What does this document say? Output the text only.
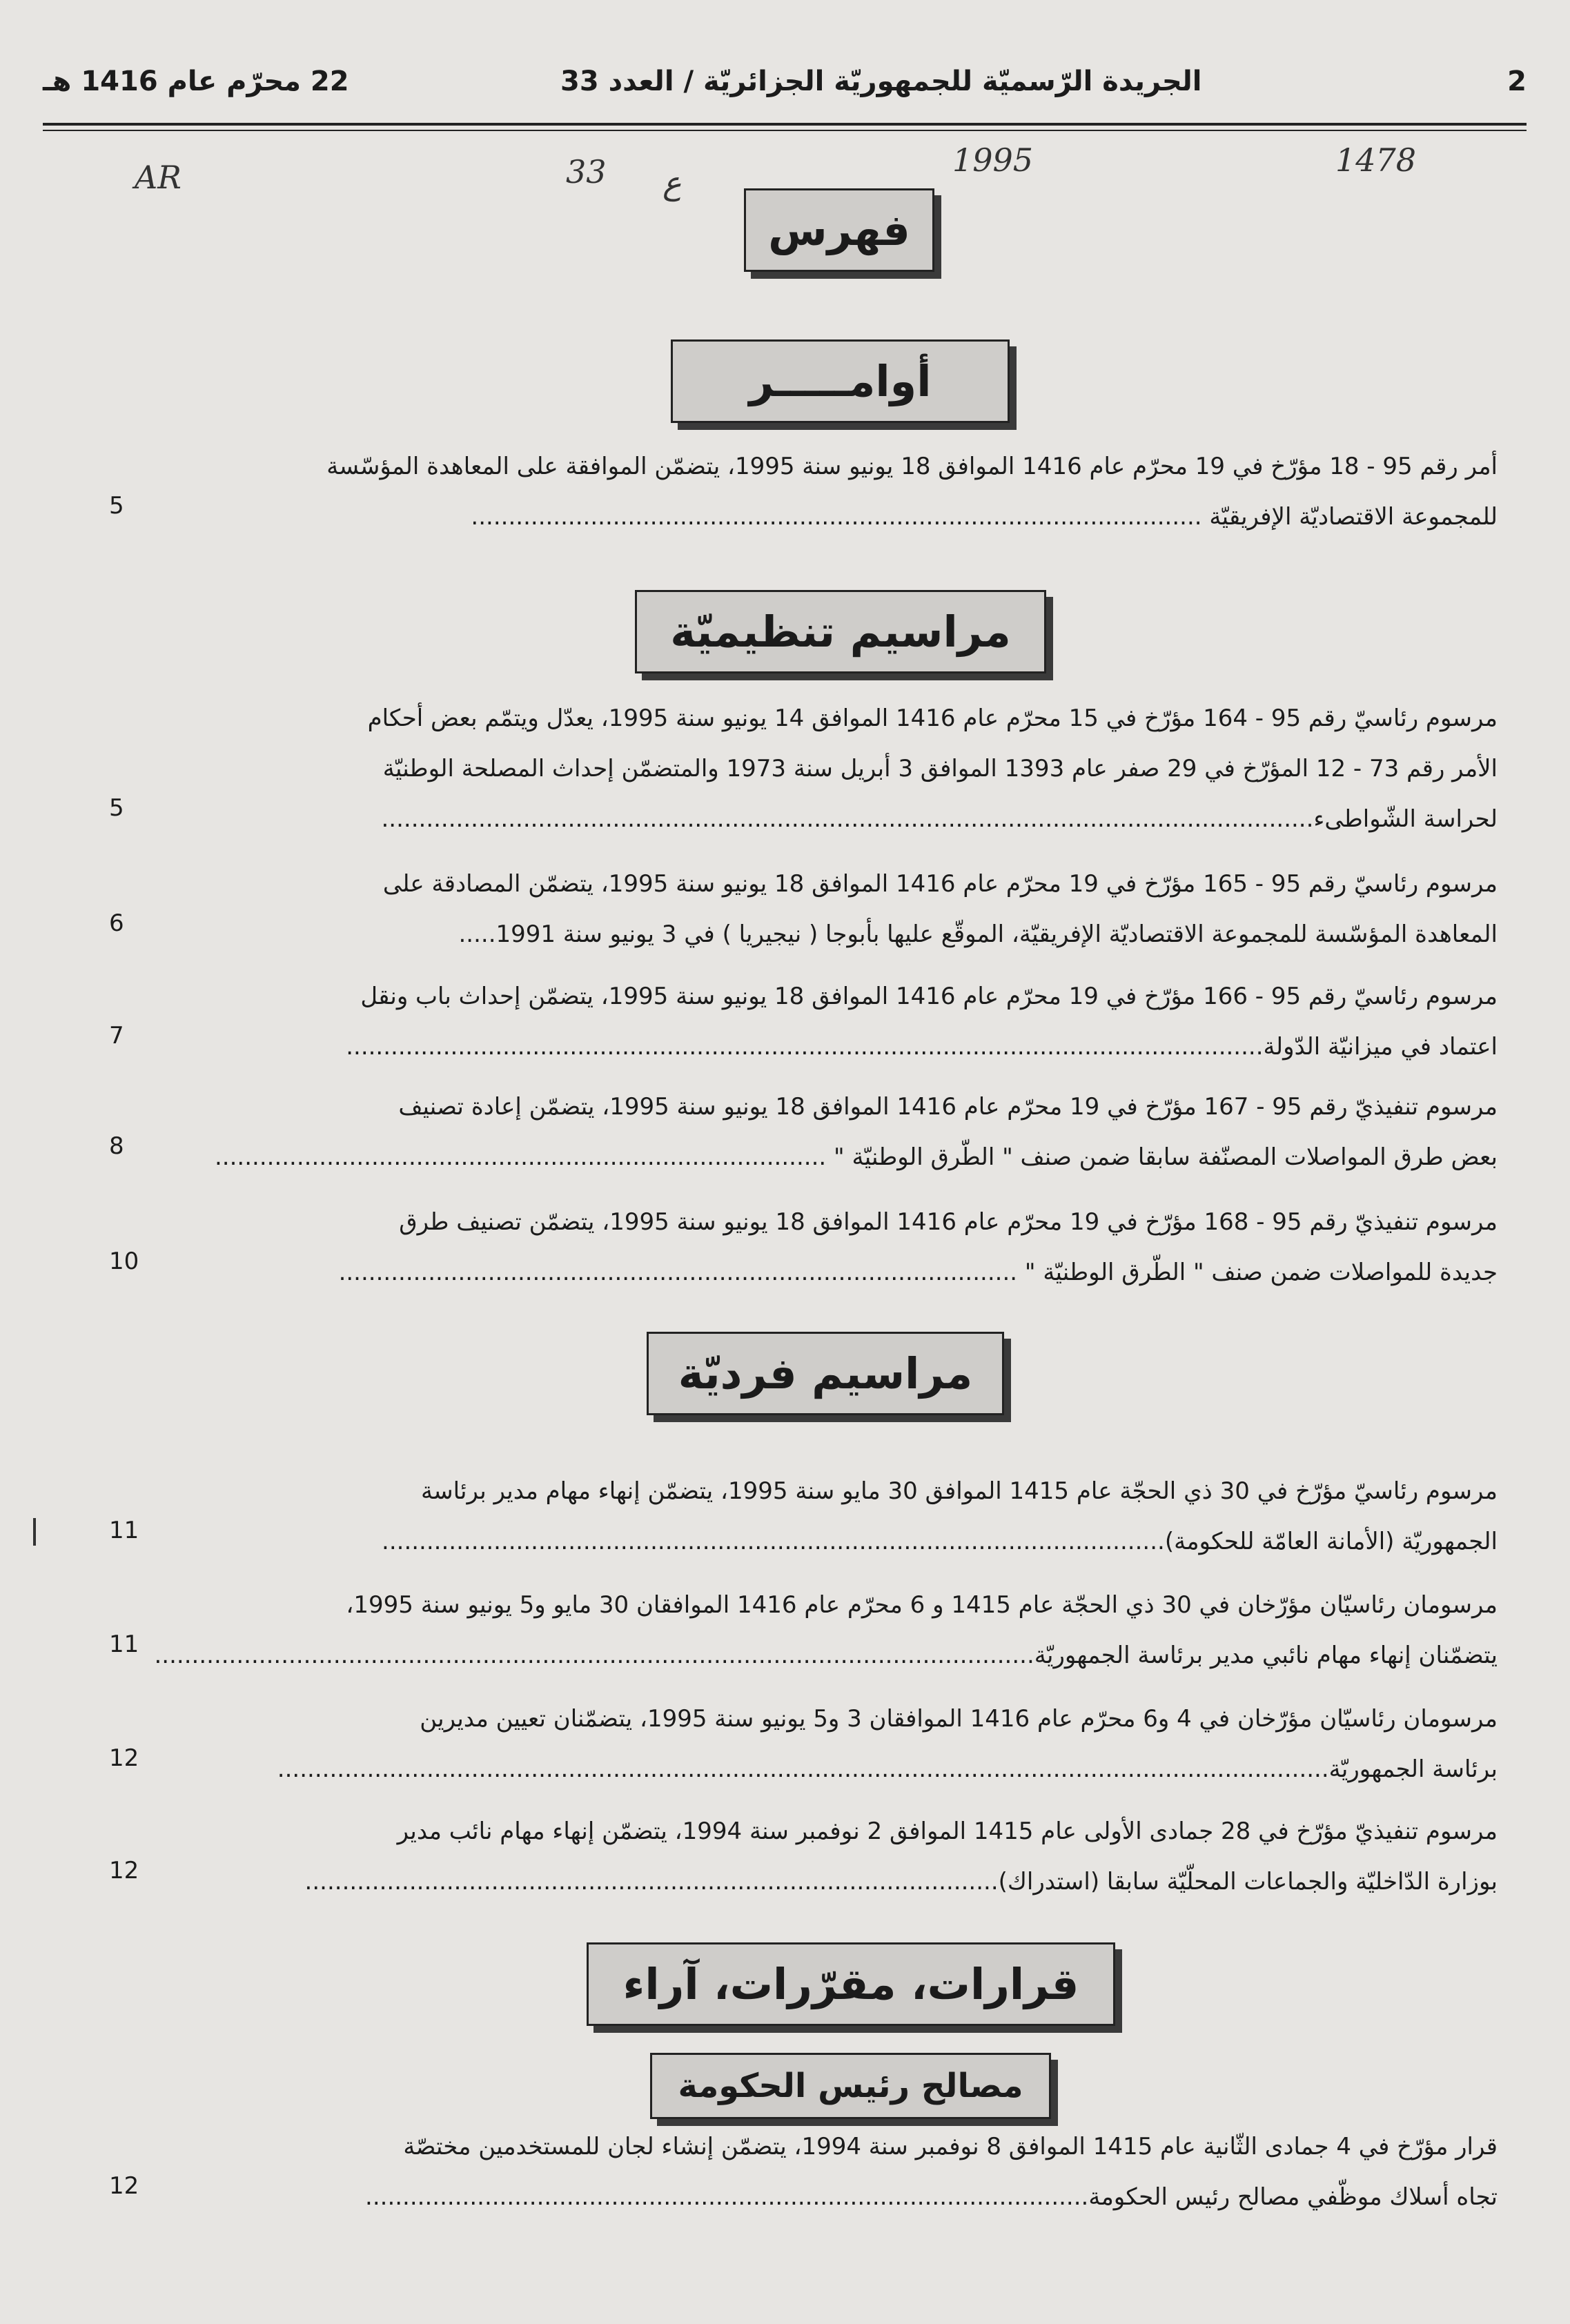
22 محرّم عام 1416 هـ	الجريدة الرّسميّة للجمهوريّة الجزائريّة / العدد 33	2
AR	33 ع
1995	1478
فهرس
أوامـــــر
أمر رقم 95 - 18 مؤرّخ في 19 محرّم عام 1416 الموافق 18 يونيو سنة 1995، يتضمّن الموافقة على المعاهدة المؤسّسة
للمجموعة الاقتصاديّة الإفريقيّة ..................................................................................................
5
مراسيم تنظيميّة
مرسوم رئاسيّ رقم 95 - 164 مؤرّخ في 15 محرّم عام 1416 الموافق 14 يونيو سنة 1995، يعدّل ويتمّم بعض أحكام
الأمر رقم 73 - 12 المؤرّخ في 29 صفر عام 1393 الموافق 3 أبريل سنة 1973 والمتضمّن إحداث المصلحة الوطنيّة
لحراسة الشّواطىء.............................................................................................................................
5
مرسوم رئاسيّ رقم 95 - 165 مؤرّخ في 19 محرّم عام 1416 الموافق 18 يونيو سنة 1995، يتضمّن المصادقة على
المعاهدة المؤسّسة للمجموعة الاقتصاديّة الإفريقيّة، الموقّع عليها بأبوجا ( نيجيريا ) في 3 يونيو سنة 1991.....
6
مرسوم رئاسيّ رقم 95 - 166 مؤرّخ في 19 محرّم عام 1416 الموافق 18 يونيو سنة 1995، يتضمّن إحداث باب ونقل
اعتماد في ميزانيّة الدّولة...........................................................................................................................
7
مرسوم تنفيذيّ رقم 95 - 167 مؤرّخ في 19 محرّم عام 1416 الموافق 18 يونيو سنة 1995، يتضمّن إعادة تصنيف
بعض طرق المواصلات المصنّفة سابقا ضمن صنف " الطّرق الوطنيّة " ..................................................................................
8
مرسوم تنفيذيّ رقم 95 - 168 مؤرّخ في 19 محرّم عام 1416 الموافق 18 يونيو سنة 1995، يتضمّن تصنيف طرق
جديدة للمواصلات ضمن صنف " الطّرق الوطنيّة " ...........................................................................................
10
مراسيم فرديّة
مرسوم رئاسيّ مؤرّخ في 30 ذي الحجّة عام 1415 الموافق 30 مايو سنة 1995، يتضمّن إنهاء مهام مدير برئاسة
الجمهوريّة (الأمانة العامّة للحكومة).........................................................................................................
11
مرسومان رئاسيّان مؤرّخان في 30 ذي الحجّة عام 1415 و 6 محرّم عام 1416 الموافقان 30 مايو و5 يونيو سنة 1995،
يتضمّنان إنهاء مهام نائبي مدير برئاسة الجمهوريّة......................................................................................................................
11
مرسومان رئاسيّان مؤرّخان في 4 و6 محرّم عام 1416 الموافقان 3 و5 يونيو سنة 1995، يتضمّنان تعيين مديرين
برئاسة الجمهوريّة.............................................................................................................................................
12
مرسوم تنفيذيّ مؤرّخ في 28 جمادى الأولى عام 1415 الموافق 2 نوفمبر سنة 1994، يتضمّن إنهاء مهام نائب مدير
بوزارة الدّاخليّة والجماعات المحلّيّة سابقا (استدراك).............................................................................................
12
قرارات، مقرّرات، آراء
مصالح رئيس الحكومة
قرار مؤرّخ في 4 جمادى الثّانية عام 1415 الموافق 8 نوفمبر سنة 1994، يتضمّن إنشاء لجان للمستخدمين مختصّة
تجاه أسلاك موظّفي مصالح رئيس الحكومة.................................................................................................
12
